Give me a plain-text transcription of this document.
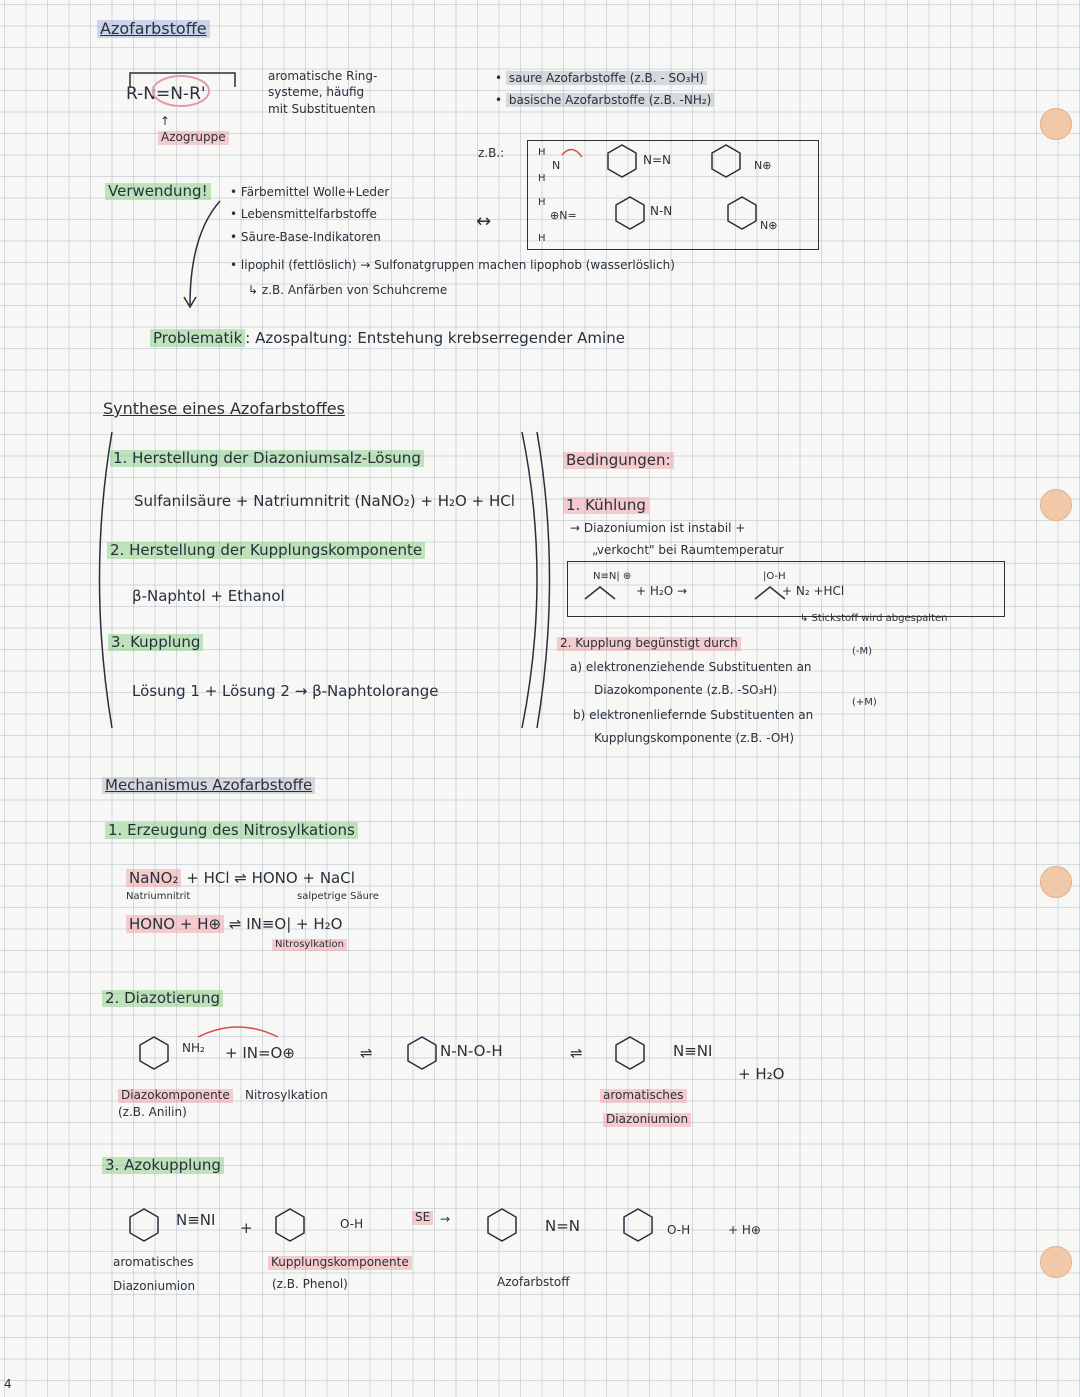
Azofarbstoffe
R-N=N-R'
↑
Azogruppe
aromatische Ring-
systeme, häufig
mit Substituenten
• saure Azofarbstoffe (z.B. - SO₃H)
• basische Azofarbstoffe (z.B. -NH₂)
z.B.:	H
N
H
H
⊕N=
H
N⊕
N⊕
N=N
N-N
↔
Verwendung! • Färbemittel Wolle+Leder
• Lebensmittelfarbstoffe
• Säure-Base-Indikatoren
• lipophil (fettlöslich) → Sulfonatgruppen machen lipophob (wasserlöslich)
↳ z.B. Anfärben von Schuhcreme
Problematik : Azospaltung: Entstehung krebserregender Amine
Synthese eines Azofarbstoffes
1. Herstellung der Diazoniumsalz-Lösung
Sulfanilsäure + Natriumnitrit (NaNO₂) + H₂O + HCl
2. Herstellung der Kupplungskomponente
β-Naphtol + Ethanol
3. Kupplung
Lösung 1 + Lösung 2 → β-Naphtolorange
Bedingungen:
1. Kühlung
→ Diazoniumion ist instabil +
„verkocht" bei Raumtemperatur
N≡N| ⊕	|O-H
+ H₂O →	+ N₂ +HCl
↳ Stickstoff wird abgespalten
2. Kupplung begünstigt durch
(-M)
a) elektronenziehende Substituenten an
Diazokomponente (z.B. -SO₃H)
(+M)
b) elektronenliefernde Substituenten an
Kupplungskomponente (z.B. -OH)
Mechanismus Azofarbstoffe
1. Erzeugung des Nitrosylkations
NaNO₂ + HCl ⇌ HONO + NaCl
Natriumnitrit	salpetrige Säure
HONO + H⊕ ⇌ IN≡O| + H₂O
Nitrosylkation
2. Diazotierung
NH₂ + IN=O⊕	⇌	N-N-O-H	⇌	N≡NI
+ H₂O
Diazokomponente
(z.B. Anilin)
Nitrosylkation	aromatisches
Diazoniumion
3. Azokupplung
N≡NI +	O-H	SE →	N=N	O-H	+ H⊕
aromatisches
Diazoniumion
Kupplungskomponente
(z.B. Phenol)	Azofarbstoff
4
